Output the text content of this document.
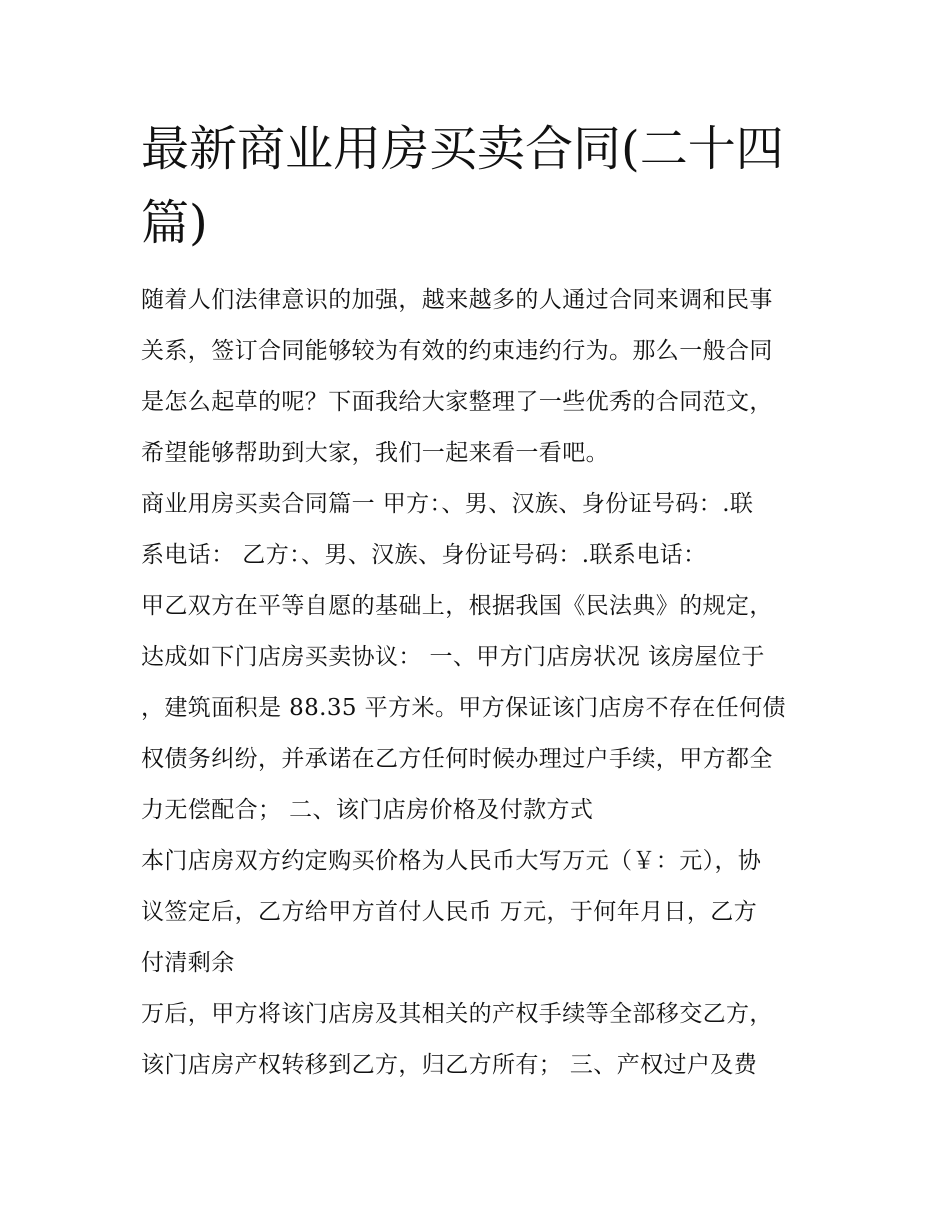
最新商业用房买卖合同(二十四
篇)
随着人们法律意识的加强，越来越多的人通过合同来调和民事
关系，签订合同能够较为有效的约束违约行为。那么一般合同
是怎么起草的呢？下面我给大家整理了一些优秀的合同范文，
希望能够帮助到大家，我们一起来看一看吧。
商业用房买卖合同篇一 甲方：、男、汉族、身份证号码：.联
系电话： 乙方：、男、汉族、身份证号码：.联系电话：
甲乙双方在平等自愿的基础上，根据我国《民法典》的规定，
达成如下门店房买卖协议： 一、甲方门店房状况 该房屋位于
，建筑面积是 88.35 平方米。甲方保证该门店房不存在任何债
权债务纠纷，并承诺在乙方任何时候办理过户手续，甲方都全
力无偿配合； 二、该门店房价格及付款方式
本门店房双方约定购买价格为人民币大写万元（￥：元），协
议签定后，乙方给甲方首付人民币 万元，于何年月日，乙方
付清剩余
万后，甲方将该门店房及其相关的产权手续等全部移交乙方，
该门店房产权转移到乙方，归乙方所有； 三、产权过户及费
